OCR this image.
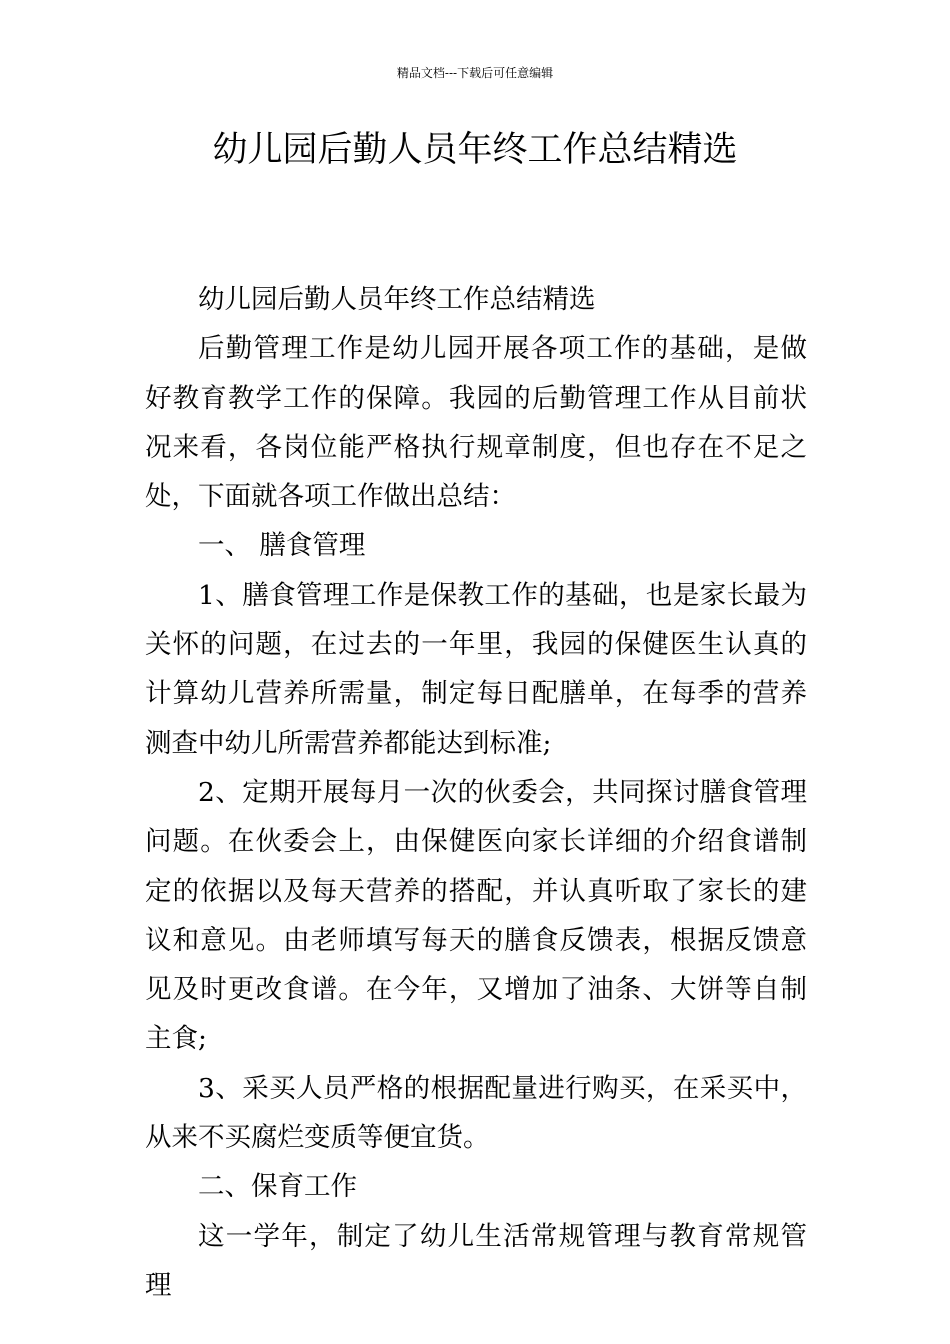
精品文档---下载后可任意编辑
幼儿园后勤人员年终工作总结精选

幼儿园后勤人员年终工作总结精选

后勤管理工作是幼儿园开展各项工作的基础，是做好教育教学工作的保障。我园的后勤管理工作从目前状况来看，各岗位能严格执行规章制度，但也存在不足之处，下面就各项工作做出总结：

一、 膳食管理

1、膳食管理工作是保教工作的基础，也是家长最为关怀的问题，在过去的一年里，我园的保健医生认真的计算幼儿营养所需量，制定每日配膳单，在每季的营养测查中幼儿所需营养都能达到标准;

2、定期开展每月一次的伙委会，共同探讨膳食管理问题。在伙委会上，由保健医向家长详细的介绍食谱制定的依据以及每天营养的搭配，并认真听取了家长的建议和意见。由老师填写每天的膳食反馈表，根据反馈意见及时更改食谱。在今年，又增加了油条、大饼等自制主食;

3、采买人员严格的根据配量进行购买，在采买中，从来不买腐烂变质等便宜货。

二、保育工作

这一学年，制定了幼儿生活常规管理与教育常规管理
